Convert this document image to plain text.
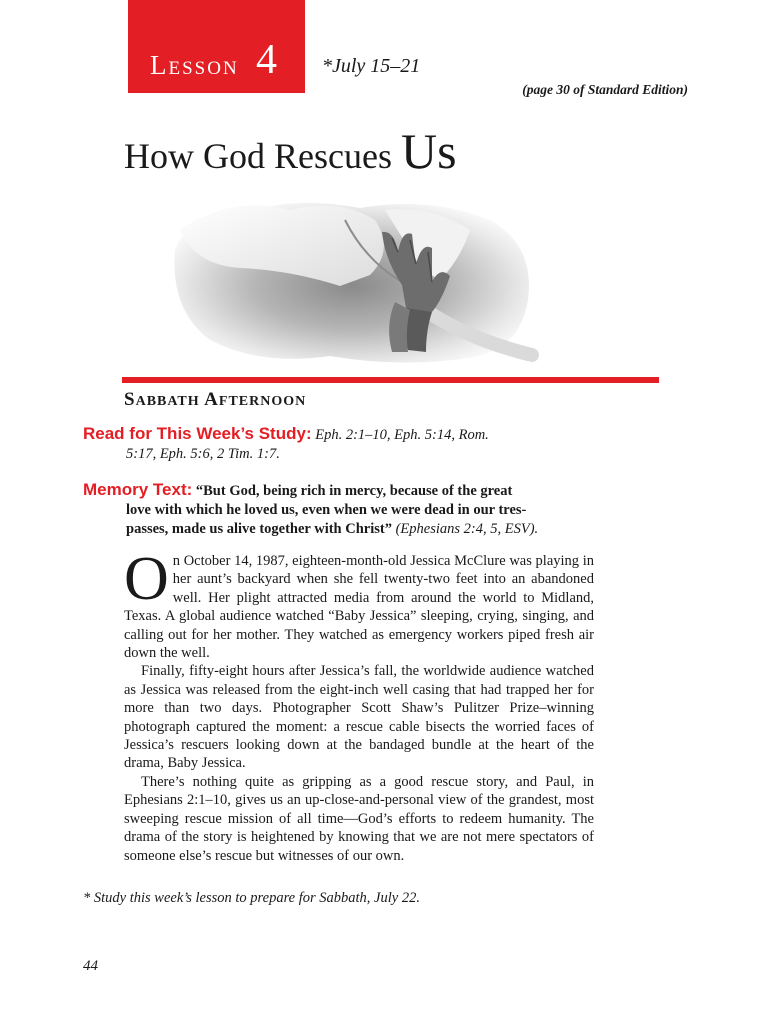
LESSON 4 *July 15–21
(page 30 of Standard Edition)
How God Rescues Us
SABBATH AFTERNOON
Read for This Week’s Study: Eph. 2:1–10, Eph. 5:14, Rom.
5:17, Eph. 5:6, 2 Tim. 1:7.
Memory Text: “But God, being rich in mercy, because of the great
love with which he loved us, even when we were dead in our tres-
passes, made us alive together with Christ” (Ephesians 2:4, 5, ESV).

On October 14, 1987, eighteen-month-old Jessica McClure was playing in her aunt’s backyard when she fell twenty-two feet into an abandoned well. Her plight attracted media from around the world to Midland, Texas. A global audience watched “Baby Jessica” sleeping, crying, singing, and calling out for her mother. They watched as emergency workers piped fresh air down the well.

Finally, fifty-eight hours after Jessica’s fall, the worldwide audience watched as Jessica was released from the eight-inch well casing that had trapped her for more than two days. Photographer Scott Shaw’s Pulitzer Prize–winning photograph captured the moment: a rescue cable bisects the worried faces of Jessica’s rescuers looking down at the bandaged bundle at the heart of the drama, Baby Jessica.

There’s nothing quite as gripping as a good rescue story, and Paul, in Ephesians 2:1–10, gives us an up-close-and-personal view of the grandest, most sweeping rescue mission of all time—God’s efforts to redeem humanity. The drama of the story is heightened by knowing that we are not mere spectators of someone else’s rescue but witnesses of our own.

* Study this week’s lesson to prepare for Sabbath, July 22.
44
